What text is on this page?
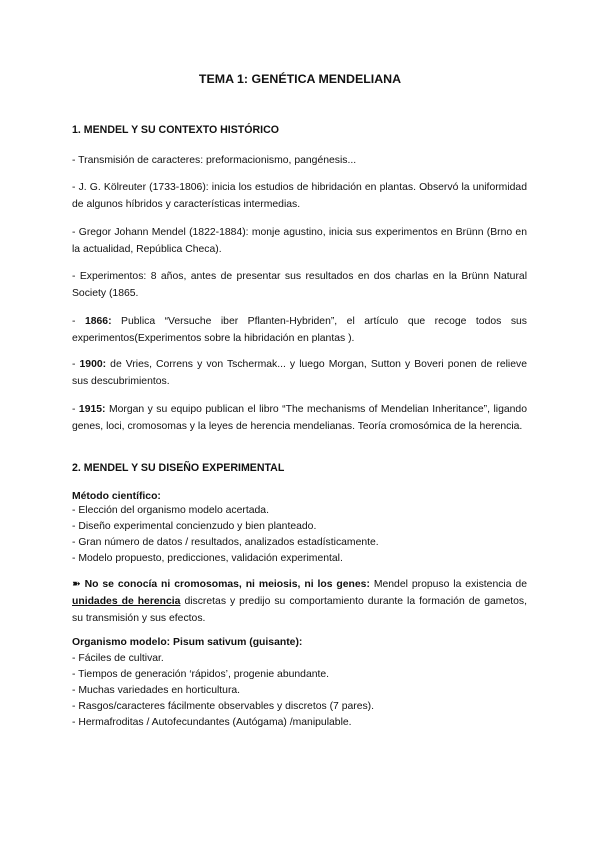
TEMA 1: GENÉTICA MENDELIANA
1. MENDEL Y SU CONTEXTO HISTÓRICO
- Transmisión de caracteres: preformacionismo, pangénesis...
- J. G. Kölreuter (1733-1806): inicia los estudios de hibridación en plantas. Observó la uniformidad de algunos híbridos y características intermedias.
- Gregor Johann Mendel (1822-1884): monje agustino, inicia sus experimentos en Brünn (Brno en la actualidad, República Checa).
- Experimentos: 8 años, antes de presentar sus resultados en dos charlas en la Brünn Natural Society (1865.
- 1866: Publica “Versuche iber Pflanten-Hybriden”, el artículo que recoge todos sus experimentos(Experimentos sobre la hibridación en plantas ).
- 1900: de Vries, Correns y von Tschermak... y luego Morgan, Sutton y Boveri ponen de relieve sus descubrimientos.
- 1915: Morgan y su equipo publican el libro “The mechanisms of Mendelian Inheritance”, ligando genes, loci, cromosomas y la leyes de herencia mendelianas. Teoría cromosómica de la herencia.
2. MENDEL Y SU DISEÑO EXPERIMENTAL
Método científico:
- Elección del organismo modelo acertada.
- Diseño experimental concienzudo y bien planteado.
- Gran número de datos / resultados, analizados estadísticamente.
- Modelo propuesto, predicciones, validación experimental.
➽ No se conocía ni cromosomas, ni meiosis, ni los genes: Mendel propuso la existencia de unidades de herencia discretas y predijo su comportamiento durante la formación de gametos, su transmisión y sus efectos.
Organismo modelo: Pisum sativum (guisante):
- Fáciles de cultivar.
- Tiempos de generación ‘rápidos’, progenie abundante.
- Muchas variedades en horticultura.
- Rasgos/caracteres fácilmente observables y discretos (7 pares).
- Hermafroditas / Autofecundantes (Autógama) /manipulable.
